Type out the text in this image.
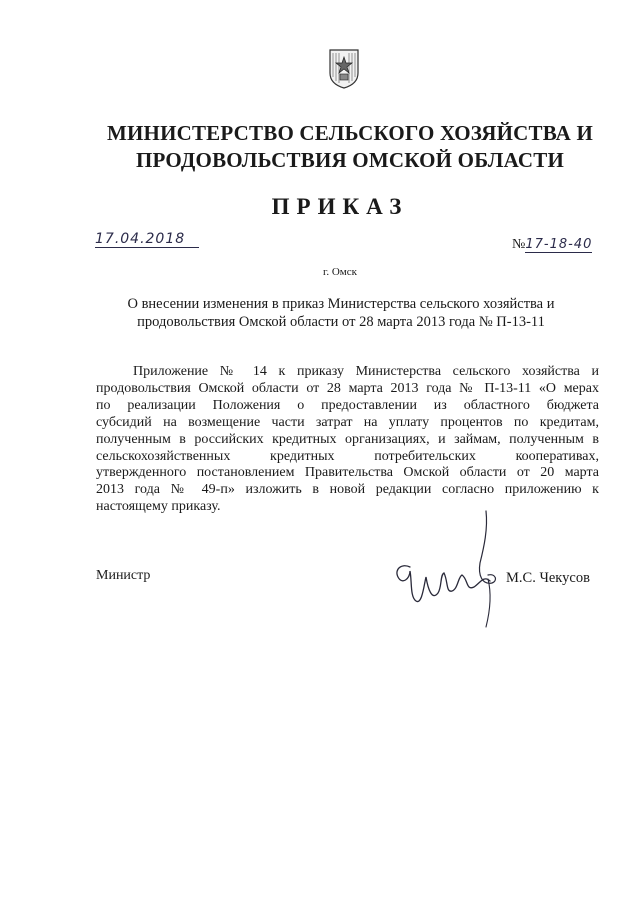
МИНИСТЕРСТВО СЕЛЬСКОГО ХОЗЯЙСТВА И
ПРОДОВОЛЬСТВИЯ ОМСКОЙ ОБЛАСТИ
ПРИКАЗ
17.04.2018	№17-18-40
г. Омск
О внесении изменения в приказ Министерства сельского хозяйства и
продовольствия Омской области от 28 марта 2013 года № П-13-11
Приложение № 14 к приказу Министерства сельского хозяйства и
продовольствия Омской области от 28 марта 2013 года № П-13-11 «О мерах
по реализации Положения о предоставлении из областного бюджета
субсидий на возмещение части затрат на уплату процентов по кредитам,
полученным в российских кредитных организациях, и займам, полученным в
сельскохозяйственных кредитных потребительских кооперативах,
утвержденного постановлением Правительства Омской области от 20 марта
2013 года № 49-п» изложить в новой редакции согласно приложению к
настоящему приказу.
Министр	М.С. Чекусов
